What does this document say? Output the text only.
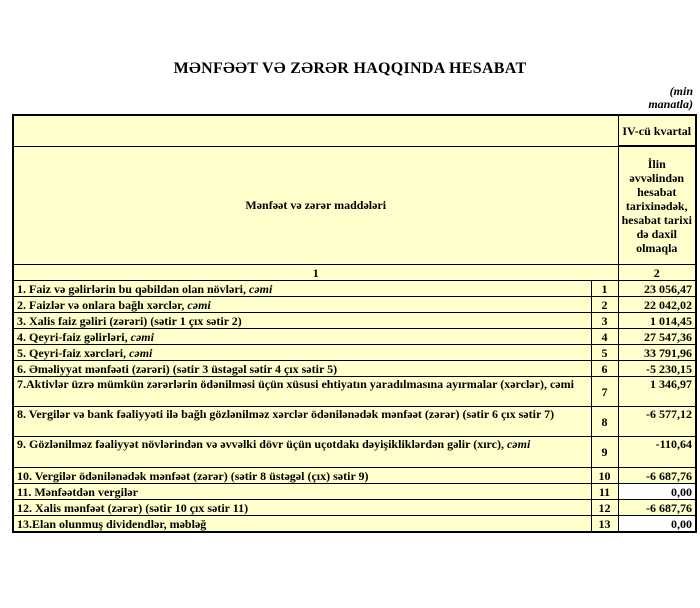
MƏNFƏƏT VƏ ZƏRƏR HAQQINDA HESABAT
(min
manatla)
		IV-cü kvartal
Mənfəət və zərər maddələri		İlin əvvəlindən hesabat tarixinədək, hesabat tarixi də daxil olmaqla
1		2
1. Faiz və gəlirlərin bu qəbildən olan növləri, cəmi	1	23 056,47
2. Faizlər və onlara bağlı xərclər, cəmi	2	22 042,02
3. Xalis faiz gəliri (zərəri) (sətir 1 çıx sətir 2)	3	1 014,45
4. Qeyri-faiz gəlirləri, cəmi	4	27 547,36
5. Qeyri-faiz xərcləri, cəmi	5	33 791,96
6. Əməliyyat mənfəəti (zərəri) (sətir 3 üstəgəl sətir 4 çıx sətir 5)	6	-5 230,15
7.Aktivlər üzrə mümkün zərərlərin ödənilməsi üçün xüsusi ehtiyatın yaradılmasına ayırmalar (xərclər), cəmi	7	1 346,97
8. Vergilər və bank fəaliyyəti ilə bağlı gözlənilməz xərclər ödənilənədək mənfəət (zərər) (sətir 6 çıx sətir 7)	8	-6 577,12
9. Gözlənilməz fəaliyyət növlərindən və əvvəlki dövr üçün uçotdakı dəyişikliklərdən gəlir (xırc), cəmi	9	-110,64
10. Vergilər ödənilənədək mənfəət (zərər) (sətir 8 üstəgəl (çıx) sətir 9)	10	-6 687,76
11. Mənfəətdən vergilər	11	0,00
12. Xalis mənfəət (zərər) (sətir 10 çıx sətir 11)	12	-6 687,76
13.Elan olunmuş dividendlər, məbləğ	13	0,00
